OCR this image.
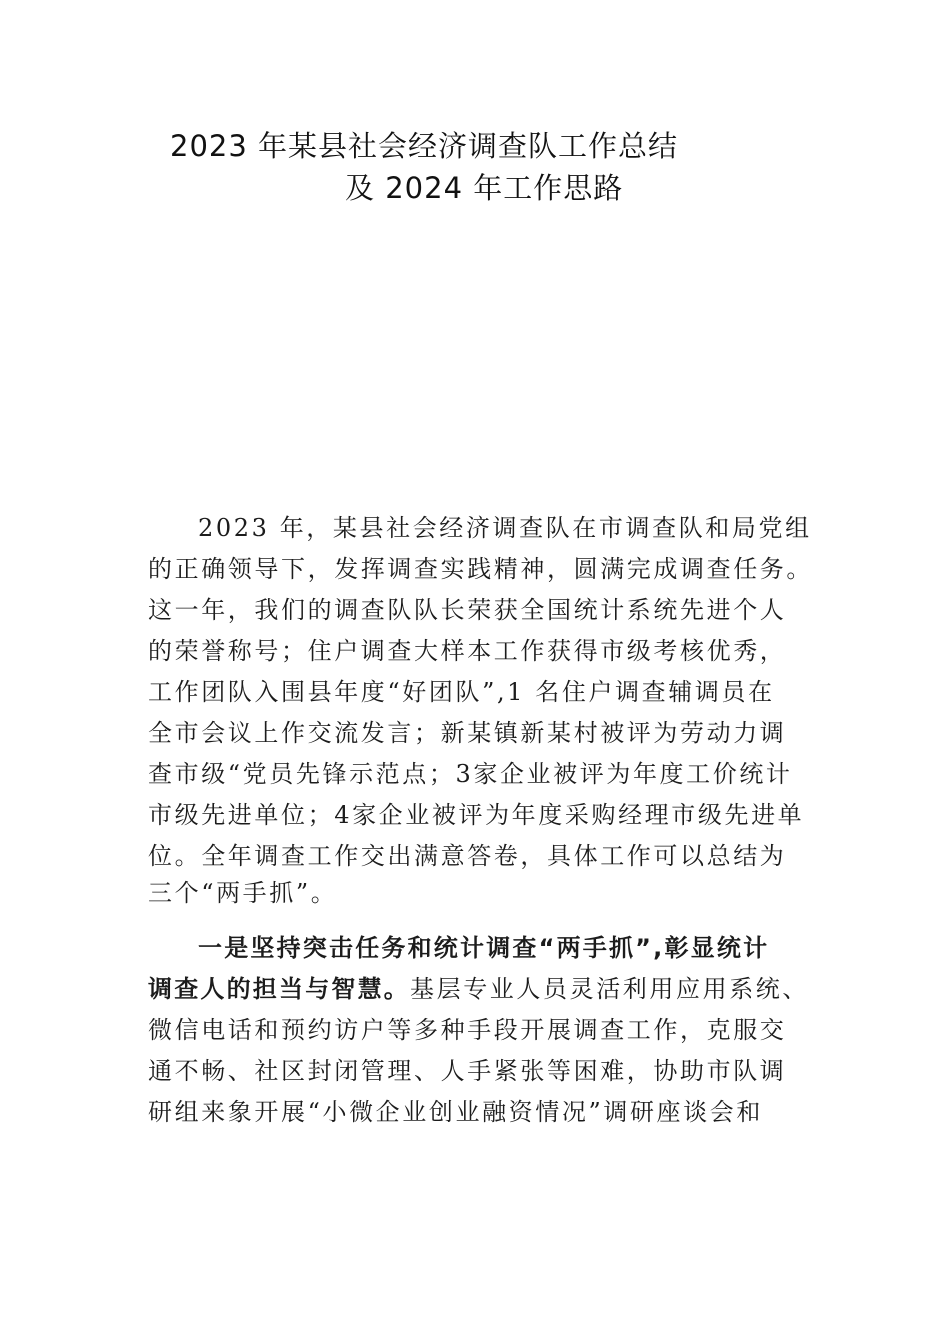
2023 年某县社会经济调查队工作总结
及 2024 年工作思路
2023 年，某县社会经济调查队在市调查队和局党组
的正确领导下，发挥调查实践精神，圆满完成调查任务。
这一年，我们的调查队队长荣获全国统计系统先进个人
的荣誉称号；住户调查大样本工作获得市级考核优秀，
工作团队入围县年度“好团队”,1 名住户调查辅调员在
全市会议上作交流发言；新某镇新某村被评为劳动力调
查市级“党员先锋示范点；3家企业被评为年度工价统计
市级先进单位；4家企业被评为年度采购经理市级先进单
位。全年调查工作交出满意答卷，具体工作可以总结为
三个“两手抓”。
一是坚持突击任务和统计调查“两手抓”,彰显统计
调查人的担当与智慧。基层专业人员灵活利用应用系统、
微信电话和预约访户等多种手段开展调查工作，克服交
通不畅、社区封闭管理、人手紧张等困难，协助市队调
研组来象开展“小微企业创业融资情况”调研座谈会和
